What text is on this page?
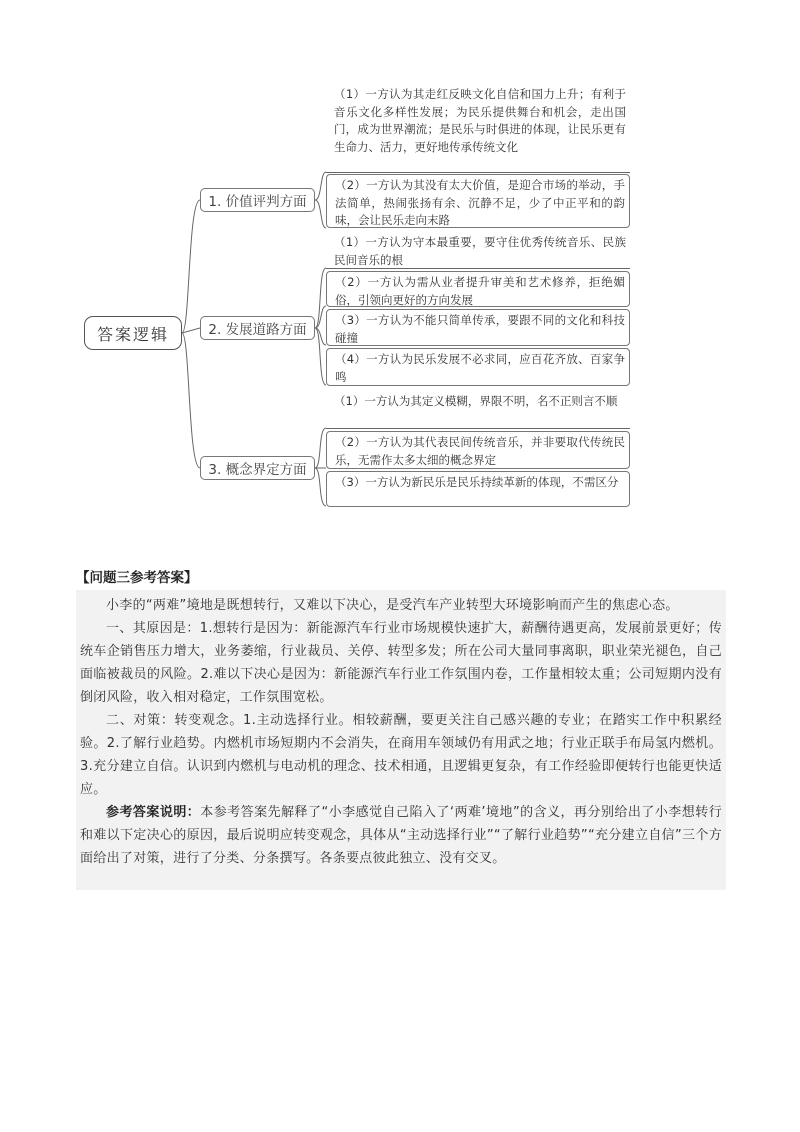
答案逻辑
1. 价值评判方面
2. 发展道路方面
3. 概念界定方面
（1）一方认为其走红反映文化自信和国力上升；有利于音乐文化多样性发展；为民乐提供舞台和机会，走出国门，成为世界潮流；是民乐与时俱进的体现，让民乐更有生命力、活力，更好地传承传统文化
（2）一方认为其没有太大价值，是迎合市场的举动，手法简单，热闹张扬有余、沉静不足，少了中正平和的韵味，会让民乐走向末路
（1）一方认为守本最重要，要守住优秀传统音乐、民族民间音乐的根
（2）一方认为需从业者提升审美和艺术修养，拒绝媚俗，引领向更好的方向发展
（3）一方认为不能只简单传承，要跟不同的文化和科技碰撞
（4）一方认为民乐发展不必求同，应百花齐放、百家争鸣
（1）一方认为其定义模糊，界限不明，名不正则言不顺
（2）一方认为其代表民间传统音乐，并非要取代传统民乐，无需作太多太细的概念界定
（3）一方认为新民乐是民乐持续革新的体现，不需区分
【问题三参考答案】

小李的“两难”境地是既想转行，又难以下决心，是受汽车产业转型大环境影响而产生的焦虑心态。

一、其原因是：1.想转行是因为：新能源汽车行业市场规模快速扩大，薪酬待遇更高，发展前景更好；传统车企销售压力增大，业务萎缩，行业裁员、关停、转型多发；所在公司大量同事离职，职业荣光褪色，自己面临被裁员的风险。2.难以下决心是因为：新能源汽车行业工作氛围内卷，工作量相较太重；公司短期内没有倒闭风险，收入相对稳定，工作氛围宽松。

二、对策：转变观念。1.主动选择行业。相较薪酬，要更关注自己感兴趣的专业；在踏实工作中积累经验。2.了解行业趋势。内燃机市场短期内不会消失，在商用车领域仍有用武之地；行业正联手布局氢内燃机。3.充分建立自信。认识到内燃机与电动机的理念、技术相通，且逻辑更复杂，有工作经验即便转行也能更快适应。

参考答案说明：本参考答案先解释了“小李感觉自己陷入了‘两难’境地”的含义，再分别给出了小李想转行和难以下定决心的原因，最后说明应转变观念，具体从“主动选择行业”“了解行业趋势”“充分建立自信”三个方面给出了对策，进行了分类、分条撰写。各条要点彼此独立、没有交叉。
